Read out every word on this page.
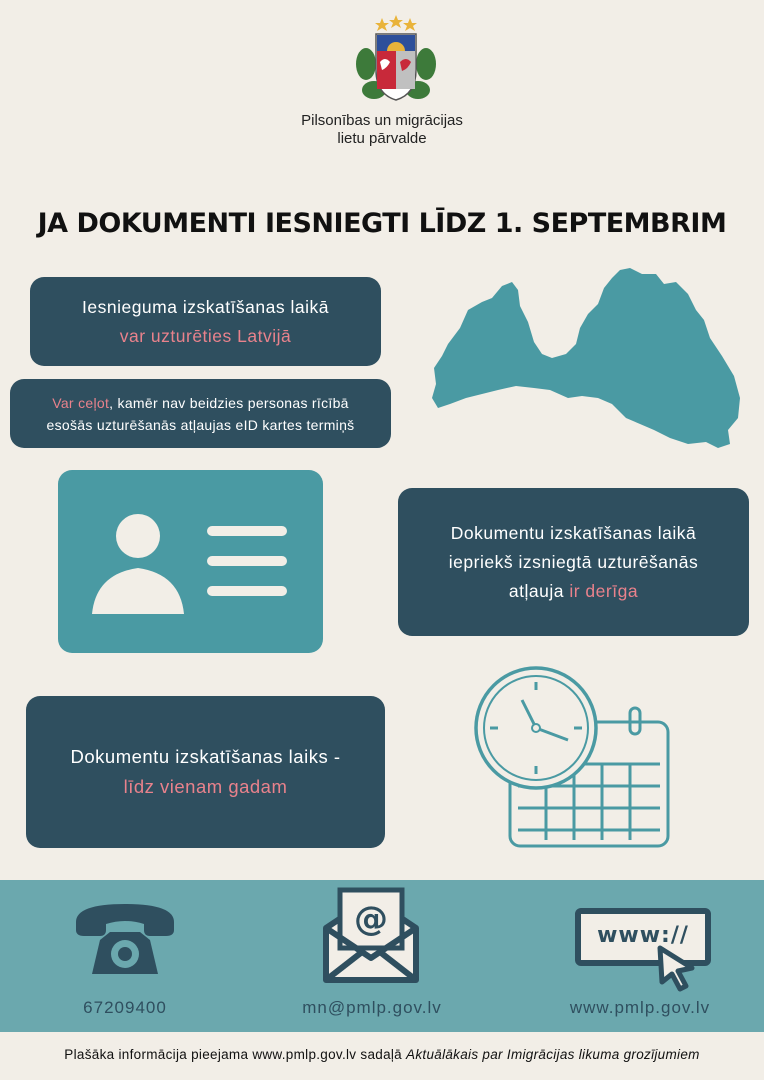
Pilsonības un migrācijas
lietu pārvalde
JA DOKUMENTI IESNIEGTI LĪDZ 1. SEPTEMBRIM
Iesnieguma izskatīšanas laikā
var uzturēties Latvijā
Var ceļot, kamēr nav beidzies personas rīcībā
esošās uzturēšanās atļaujas eID kartes termiņš
Dokumentu izskatīšanas laikā
iepriekš izsniegtā uzturēšanās
atļauja ir derīga
Dokumentu izskatīšanas laiks -
līdz vienam gadam
67209400
@
mn@pmlp.gov.lv
www://
www.pmlp.gov.lv
Plašāka informācija pieejama www.pmlp.gov.lv sadaļā Aktuālākais par Imigrācijas likuma grozījumiem
